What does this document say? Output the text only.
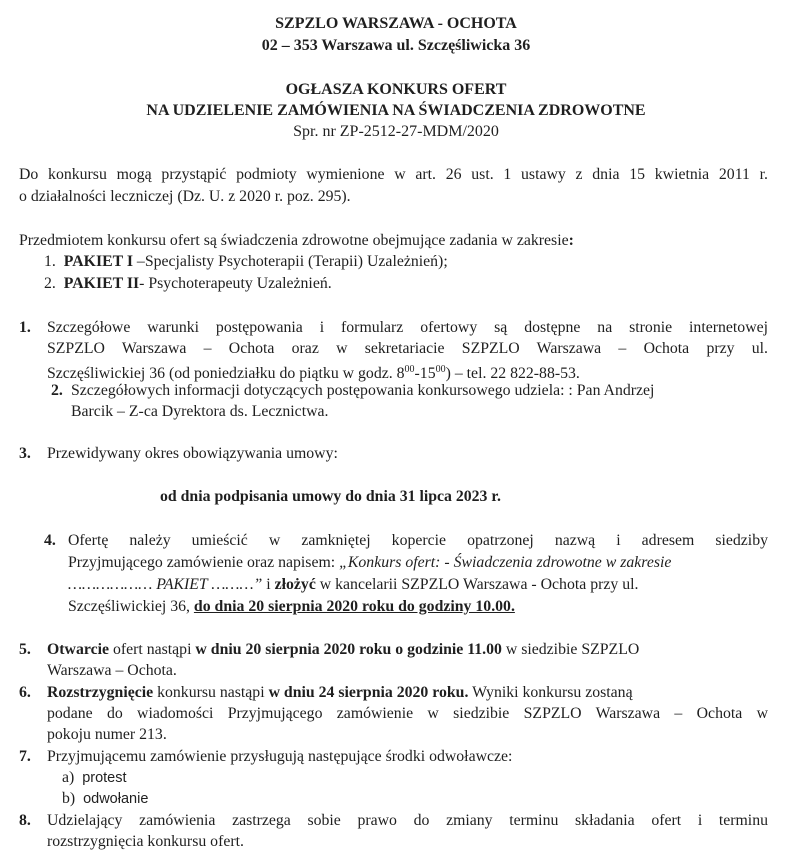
SZPZLO WARSZAWA - OCHOTA
02 – 353 Warszawa ul. Szczęśliwicka 36
OGŁASZA KONKURS OFERT
NA UDZIELENIE ZAMÓWIENIA NA ŚWIADCZENIA ZDROWOTNE
Spr. nr ZP-2512-27-MDM/2020
Do konkursu mogą przystąpić podmioty wymienione w art. 26 ust. 1 ustawy z dnia 15 kwietnia 2011 r.
o działalności leczniczej (Dz. U. z 2020 r. poz. 295).
Przedmiotem konkursu ofert są świadczenia zdrowotne obejmujące zadania w zakresie:
1. PAKIET I –Specjalisty Psychoterapii (Terapii) Uzależnień);
2. PAKIET II- Psychoterapeuty Uzależnień.
1. Szczegółowe warunki postępowania i formularz ofertowy są dostępne na stronie internetowej
SZPZLO Warszawa – Ochota oraz w sekretariacie SZPZLO Warszawa – Ochota przy ul.
Szczęśliwickiej 36 (od poniedziałku do piątku w godz. $8^{00}-15^{00}$) – tel. 22 822-88-53.
2. Szczegółowych informacji dotyczących postępowania konkursowego udziela: : Pan Andrzej
Barcik – Z-ca Dyrektora ds. Lecznictwa.
3. Przewidywany okres obowiązywania umowy:
od dnia podpisania umowy do dnia 31 lipca 2023 r.
4. Ofertę należy umieścić w zamkniętej kopercie opatrzonej nazwą i adresem siedziby
Przyjmującego zamówienie oraz napisem: „Konkurs ofert: - Świadczenia zdrowotne w zakresie
……………… PAKIET ………” i złożyć w kancelarii SZPZLO Warszawa - Ochota przy ul.
Szczęśliwickiej 36, do dnia 20 sierpnia 2020 roku do godziny 10.00.
5. Otwarcie ofert nastąpi w dniu 20 sierpnia 2020 roku o godzinie 11.00 w siedzibie SZPZLO
Warszawa – Ochota.
6. Rozstrzygnięcie konkursu nastąpi w dniu 24 sierpnia 2020 roku. Wyniki konkursu zostaną
podane do wiadomości Przyjmującego zamówienie w siedzibie SZPZLO Warszawa – Ochota w
pokoju numer 213.
7. Przyjmującemu zamówienie przysługują następujące środki odwoławcze:
a) protest
b) odwołanie
8. Udzielający zamówienia zastrzega sobie prawo do zmiany terminu składania ofert i terminu
rozstrzygnięcia konkursu ofert.
